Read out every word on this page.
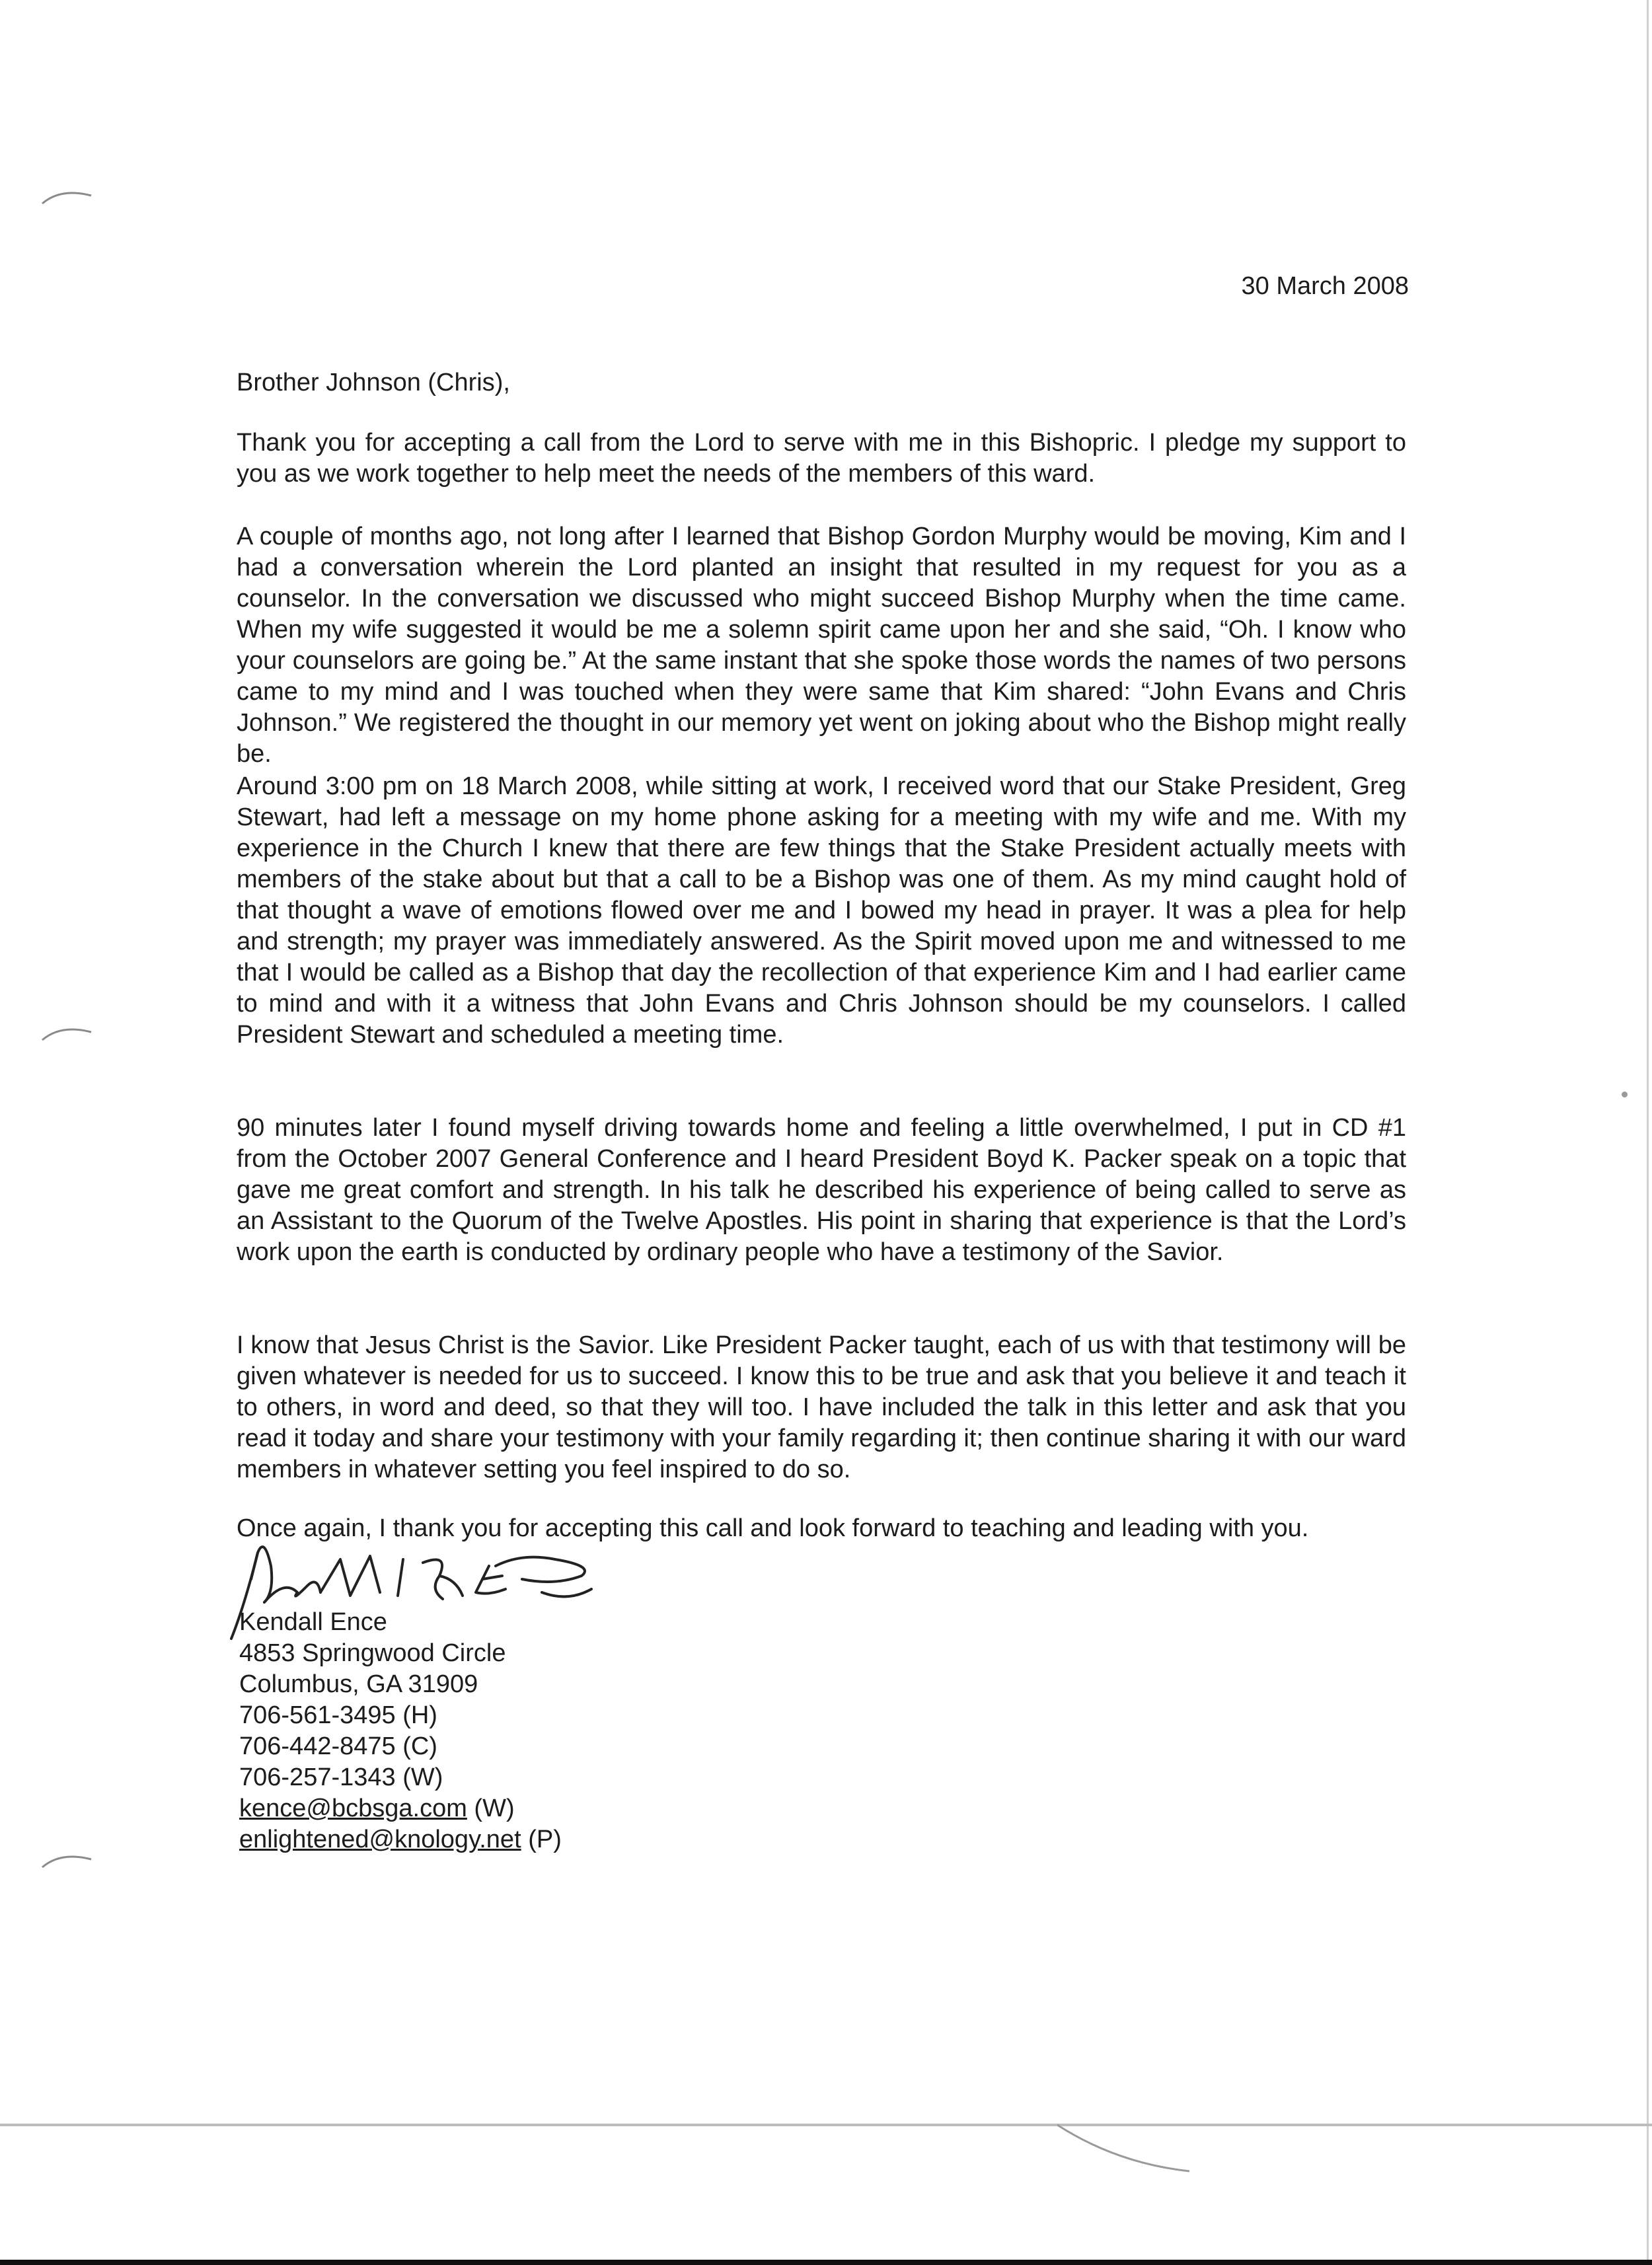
30 March 2008
Brother Johnson (Chris),

Thank you for accepting a call from the Lord to serve with me in this Bishopric. I pledge my support to you as we work together to help meet the needs of the members of this ward.

A couple of months ago, not long after I learned that Bishop Gordon Murphy would be moving, Kim and I had a conversation wherein the Lord planted an insight that resulted in my request for you as a counselor. In the conversation we discussed who might succeed Bishop Murphy when the time came. When my wife suggested it would be me a solemn spirit came upon her and she said, “Oh. I know who your counselors are going be.” At the same instant that she spoke those words the names of two persons came to my mind and I was touched when they were same that Kim shared: “John Evans and Chris Johnson.” We registered the thought in our memory yet went on joking about who the Bishop might really be.

Around 3:00 pm on 18 March 2008, while sitting at work, I received word that our Stake President, Greg Stewart, had left a message on my home phone asking for a meeting with my wife and me. With my experience in the Church I knew that there are few things that the Stake President actually meets with members of the stake about but that a call to be a Bishop was one of them. As my mind caught hold of that thought a wave of emotions flowed over me and I bowed my head in prayer. It was a plea for help and strength; my prayer was immediately answered. As the Spirit moved upon me and witnessed to me that I would be called as a Bishop that day the recollection of that experience Kim and I had earlier came to mind and with it a witness that John Evans and Chris Johnson should be my counselors. I called President Stewart and scheduled a meeting time.

90 minutes later I found myself driving towards home and feeling a little overwhelmed, I put in CD #1 from the October 2007 General Conference and I heard President Boyd K. Packer speak on a topic that gave me great comfort and strength. In his talk he described his experience of being called to serve as an Assistant to the Quorum of the Twelve Apostles. His point in sharing that experience is that the Lord’s work upon the earth is conducted by ordinary people who have a testimony of the Savior.

I know that Jesus Christ is the Savior. Like President Packer taught, each of us with that testimony will be given whatever is needed for us to succeed. I know this to be true and ask that you believe it and teach it to others, in word and deed, so that they will too. I have included the talk in this letter and ask that you read it today and share your testimony with your family regarding it; then continue sharing it with our ward members in whatever setting you feel inspired to do so.

Once again, I thank you for accepting this call and look forward to teaching and leading with you.
Kendall Ence
4853 Springwood Circle
Columbus, GA 31909
706-561-3495 (H)
706-442-8475 (C)
706-257-1343 (W)
kence@bcbsga.com (W)
enlightened@knology.net (P)
